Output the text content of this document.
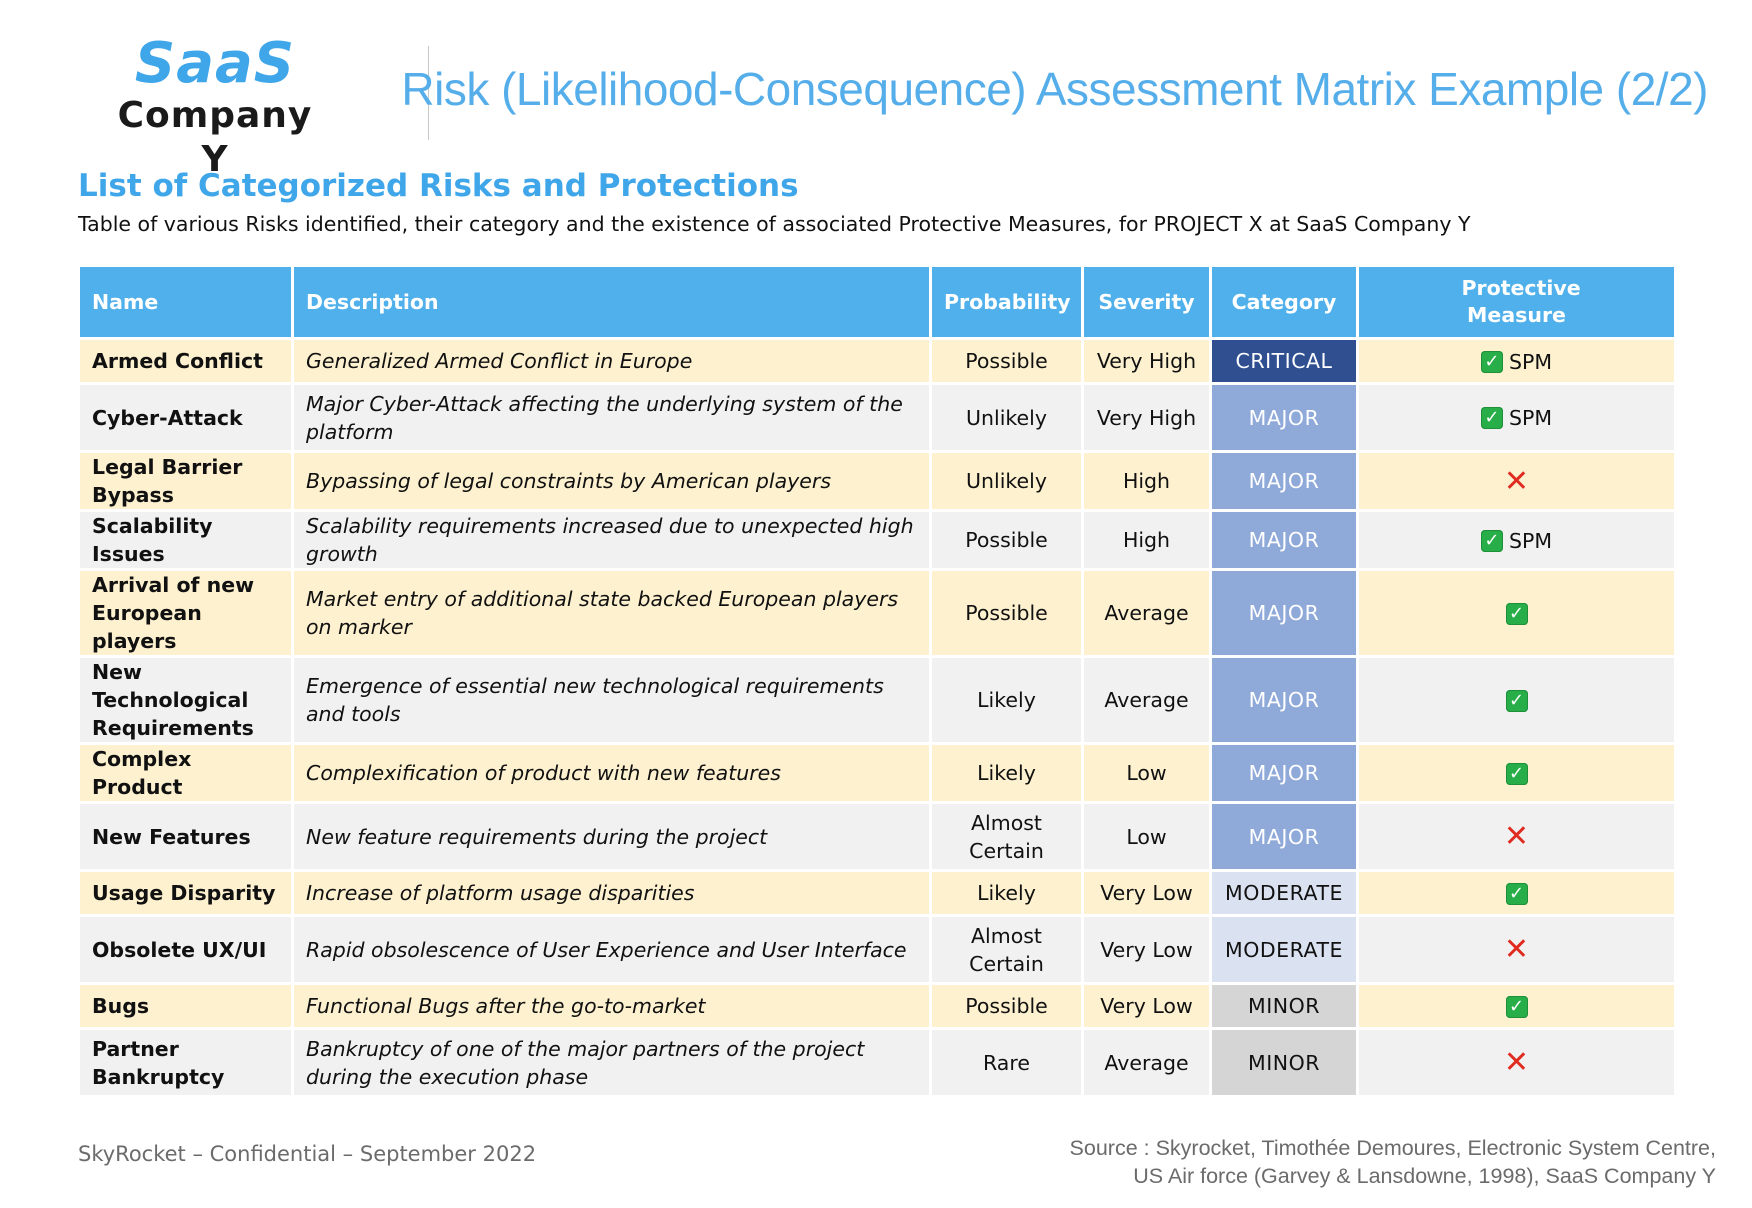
SaaS
Company Y
Risk (Likelihood-Consequence) Assessment Matrix Example (2/2)
List of Categorized Risks and Protections
Table of various Risks identified, their category and the existence of associated Protective Measures, for PROJECT X at SaaS Company Y
Name	Description	Probability	Severity	Category	Protective Measure
Armed Conflict	Generalized Armed Conflict in Europe	Possible	Very High	CRITICAL	✓ SPM
Cyber-Attack	Major Cyber-Attack affecting the underlying system of the platform	Unlikely	Very High	MAJOR	✓ SPM
Legal Barrier Bypass	Bypassing of legal constraints by American players	Unlikely	High	MAJOR	✕
Scalability Issues	Scalability requirements increased due to unexpected high growth	Possible	High	MAJOR	✓ SPM
Arrival of new European players	Market entry of additional state backed European players on marker	Possible	Average	MAJOR	✓
New Technological Requirements	Emergence of essential new technological requirements and tools	Likely	Average	MAJOR	✓
Complex Product	Complexification of product with new features	Likely	Low	MAJOR	✓
New Features	New feature requirements during the project	Almost Certain	Low	MAJOR	✕
Usage Disparity	Increase of platform usage disparities	Likely	Very Low	MODERATE	✓
Obsolete UX/UI	Rapid obsolescence of User Experience and User Interface	Almost Certain	Very Low	MODERATE	✕
Bugs	Functional Bugs after the go-to-market	Possible	Very Low	MINOR	✓
Partner Bankruptcy	Bankruptcy of one of the major partners of the project during the execution phase	Rare	Average	MINOR	✕
SkyRocket – Confidential – September 2022	Source : Skyrocket, Timothée Demoures, Electronic System Centre,
US Air force (Garvey & Lansdowne, 1998), SaaS Company Y
